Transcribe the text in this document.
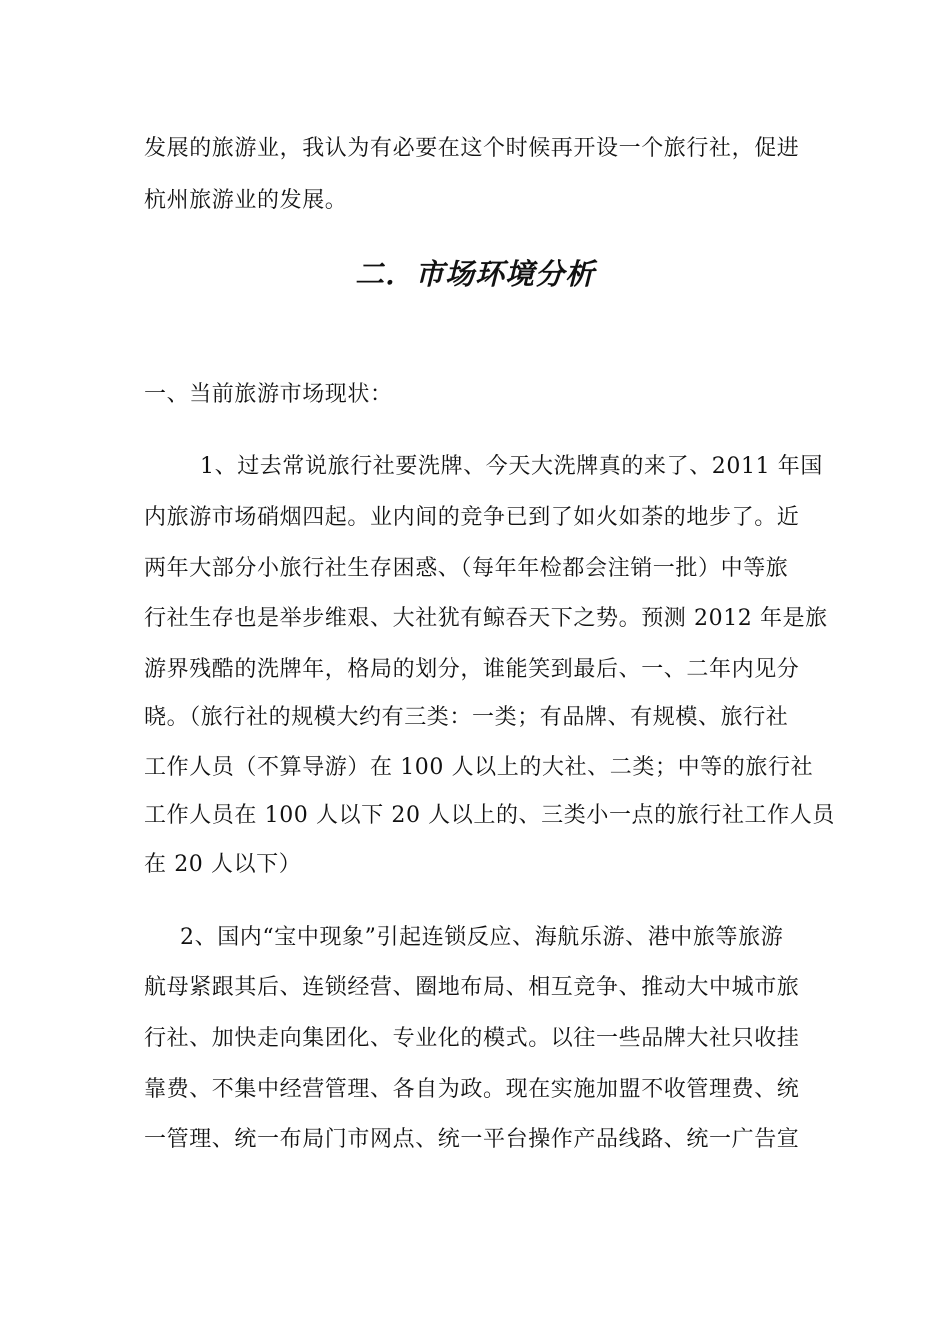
发展的旅游业，我认为有必要在这个时候再开设一个旅行社，促进
杭州旅游业的发展。
二．市场环境分析
一、当前旅游市场现状：
1、过去常说旅行社要洗牌、今天大洗牌真的来了、2011 年国
内旅游市场硝烟四起。业内间的竞争已到了如火如荼的地步了。近
两年大部分小旅行社生存困惑、（每年年检都会注销一批）中等旅
行社生存也是举步维艰、大社犹有鲸吞天下之势。预测 2012 年是旅
游界残酷的洗牌年，格局的划分，谁能笑到最后、一、二年内见分
晓。（旅行社的规模大约有三类：一类；有品牌、有规模、旅行社
工作人员（不算导游）在 100 人以上的大社、二类；中等的旅行社
工作人员在 100 人以下 20 人以上的、三类小一点的旅行社工作人员
在 20 人以下）
2、国内“宝中现象”引起连锁反应、海航乐游、港中旅等旅游
航母紧跟其后、连锁经营、圈地布局、相互竞争、推动大中城市旅
行社、加快走向集团化、专业化的模式。以往一些品牌大社只收挂
靠费、不集中经营管理、各自为政。现在实施加盟不收管理费、统
一管理、统一布局门市网点、统一平台操作产品线路、统一广告宣
